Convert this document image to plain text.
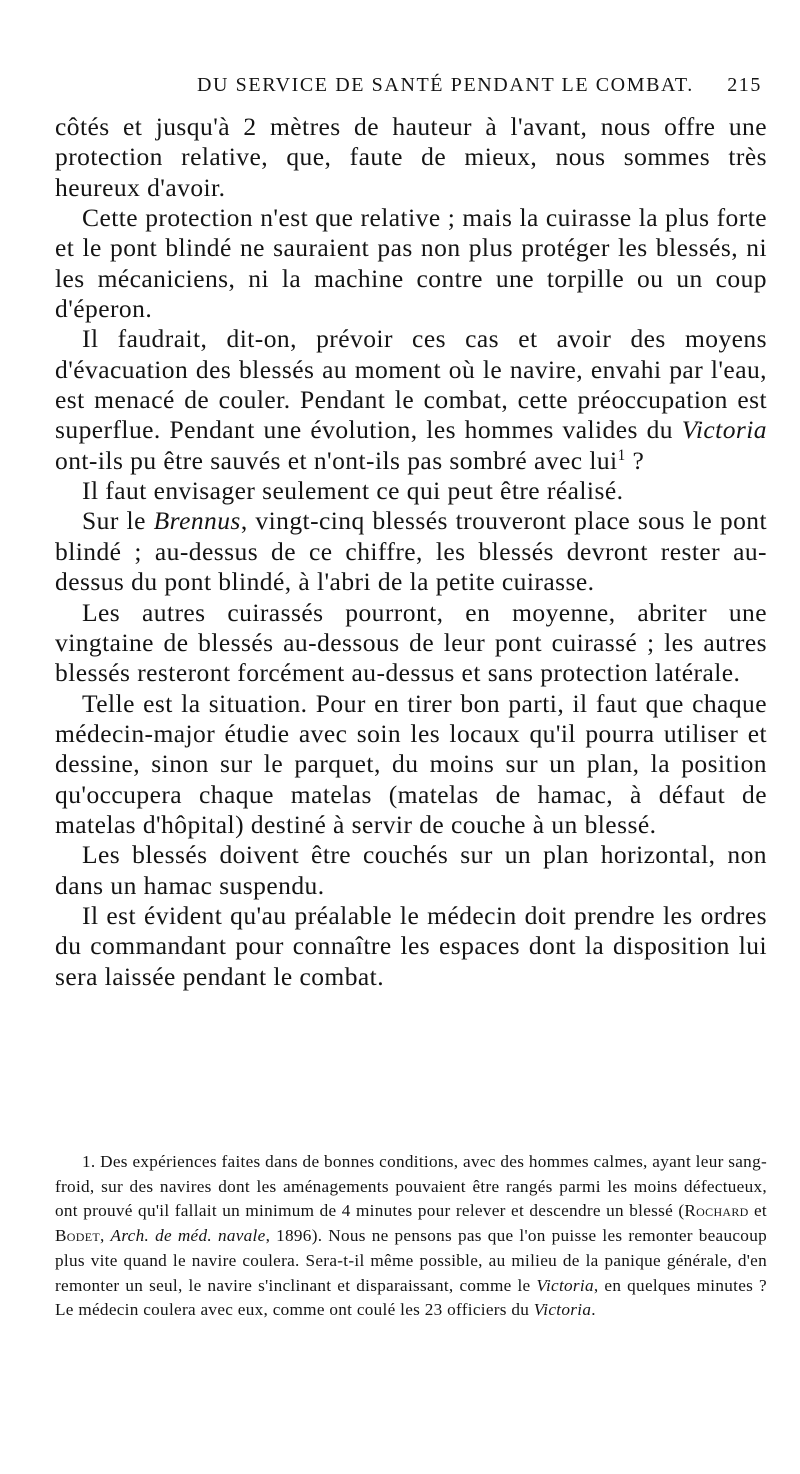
DU SERVICE DE SANTÉ PENDANT LE COMBAT. 215

côtés et jusqu'à 2 mètres de hauteur à l'avant, nous offre une protection relative, que, faute de mieux, nous sommes très heureux d'avoir.

Cette protection n'est que relative ; mais la cuirasse la plus forte et le pont blindé ne sauraient pas non plus protéger les blessés, ni les mécaniciens, ni la machine contre une torpille ou un coup d'éperon.

Il faudrait, dit-on, prévoir ces cas et avoir des moyens d'évacuation des blessés au moment où le navire, envahi par l'eau, est menacé de couler. Pendant le combat, cette préoccupation est superflue. Pendant une évolution, les hommes valides du Victoria ont-ils pu être sauvés et n'ont-ils pas sombré avec lui$^1$ ?

Il faut envisager seulement ce qui peut être réalisé.

Sur le Brennus, vingt-cinq blessés trouveront place sous le pont blindé ; au-dessus de ce chiffre, les blessés devront rester au-dessus du pont blindé, à l'abri de la petite cuirasse.

Les autres cuirassés pourront, en moyenne, abriter une vingtaine de blessés au-dessous de leur pont cuirassé ; les autres blessés resteront forcément au-dessus et sans protection latérale.

Telle est la situation. Pour en tirer bon parti, il faut que chaque médecin-major étudie avec soin les locaux qu'il pourra utiliser et dessine, sinon sur le parquet, du moins sur un plan, la position qu'occupera chaque matelas (matelas de hamac, à défaut de matelas d'hôpital) destiné à servir de couche à un blessé.

Les blessés doivent être couchés sur un plan horizontal, non dans un hamac suspendu.

Il est évident qu'au préalable le médecin doit prendre les ordres du commandant pour connaître les espaces dont la disposition lui sera laissée pendant le combat.

1. Des expériences faites dans de bonnes conditions, avec des hommes calmes, ayant leur sang-froid, sur des navires dont les aménagements pouvaient être rangés parmi les moins défectueux, ont prouvé qu'il fallait un minimum de 4 minutes pour relever et descendre un blessé (Rochard et Bodet, Arch. de méd. navale, 1896). Nous ne pensons pas que l'on puisse les remonter beaucoup plus vite quand le navire coulera. Sera-t-il même possible, au milieu de la panique générale, d'en remonter un seul, le navire s'inclinant et disparaissant, comme le Victoria, en quelques minutes ? Le médecin coulera avec eux, comme ont coulé les 23 officiers du Victoria.
